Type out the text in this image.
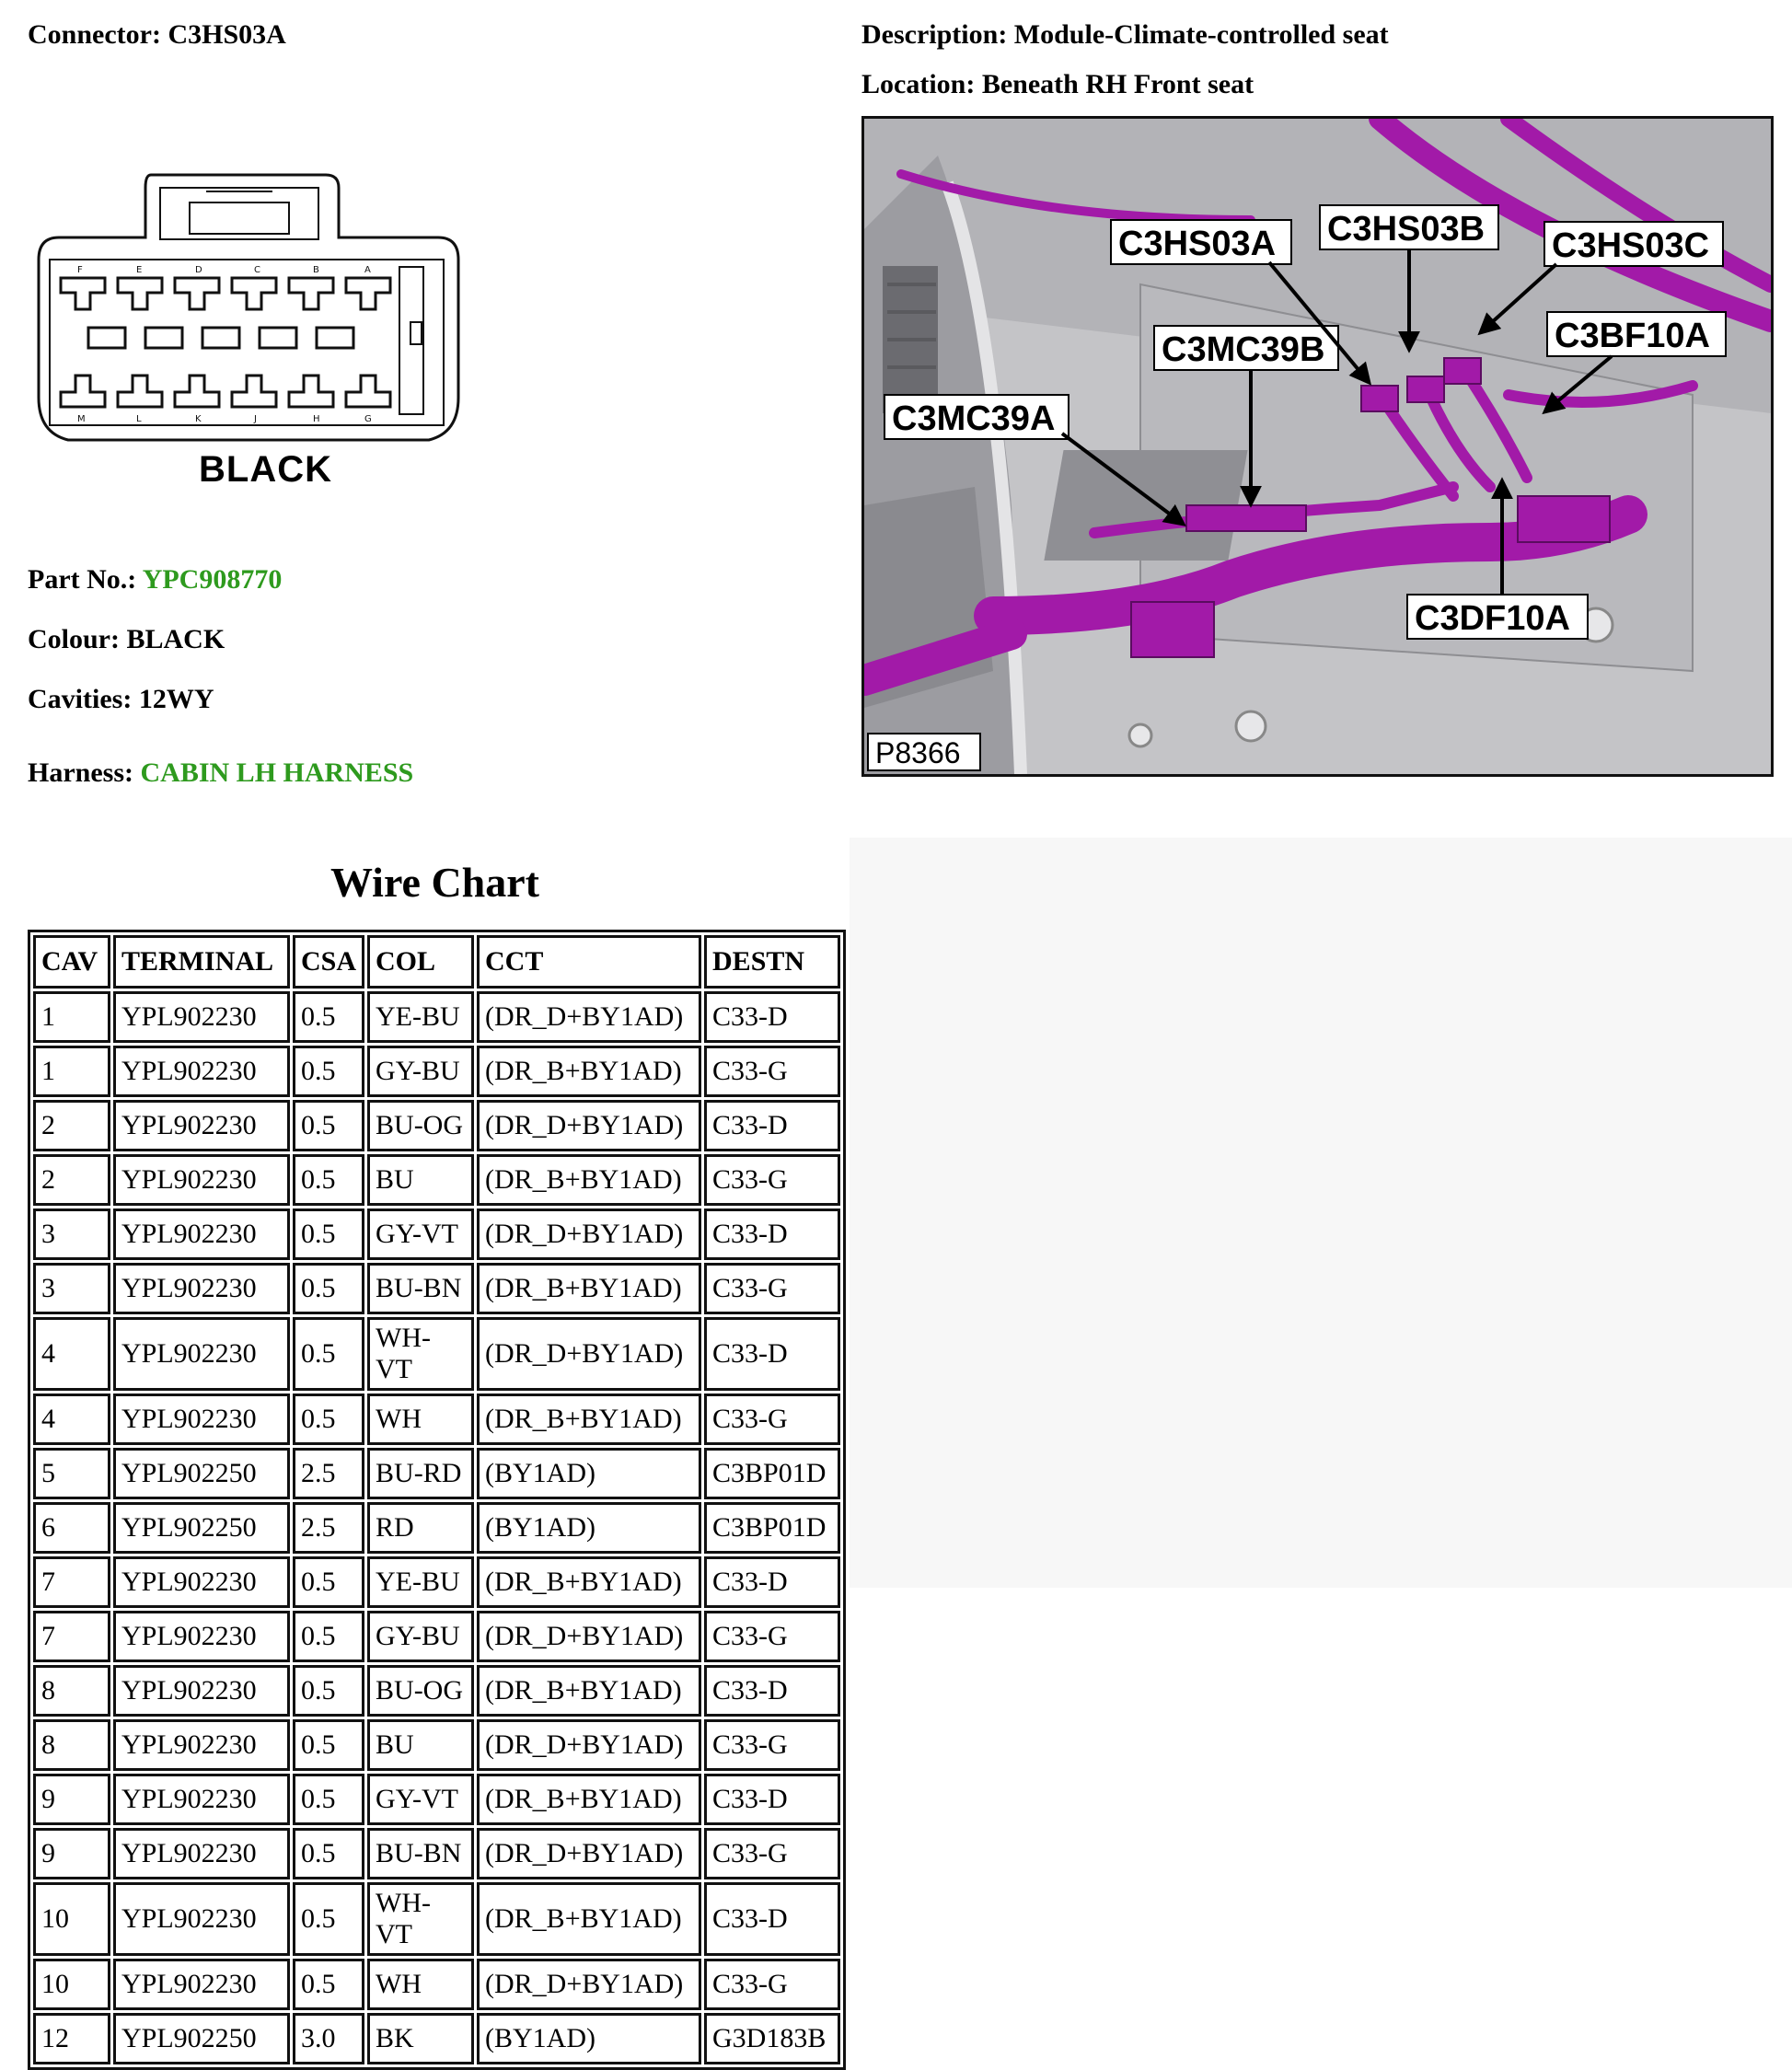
Connector: C3HS03A	Description: Module-Climate-controlled seat
Location: Beneath RH Front seat
F	E	D	C	B	A
M	L	K	J	H	G
BLACK
Part No.: YPC908770
Colour: BLACK
Cavities: 12WY
Harness: CABIN LH HARNESS
C3HS03A C3HS03B C3HS03C
C3MC39B	C3BF10A
C3MC39A
C3DF10A
P8366
Wire Chart
CAV	TERMINAL	CSA	COL	CCT	DESTN
1	YPL902230	0.5	YE-BU	(DR_D+BY1AD)	C33-D
1	YPL902230	0.5	GY-BU	(DR_B+BY1AD)	C33-G
2	YPL902230	0.5	BU-OG	(DR_D+BY1AD)	C33-D
2	YPL902230	0.5	BU	(DR_B+BY1AD)	C33-G
3	YPL902230	0.5	GY-VT	(DR_D+BY1AD)	C33-D
3	YPL902230	0.5	BU-BN	(DR_B+BY1AD)	C33-G
4	YPL902230	0.5	WH-VT	(DR_D+BY1AD)	C33-D
4	YPL902230	0.5	WH	(DR_B+BY1AD)	C33-G
5	YPL902250	2.5	BU-RD	(BY1AD)	C3BP01D
6	YPL902250	2.5	RD	(BY1AD)	C3BP01D
7	YPL902230	0.5	YE-BU	(DR_B+BY1AD)	C33-D
7	YPL902230	0.5	GY-BU	(DR_D+BY1AD)	C33-G
8	YPL902230	0.5	BU-OG	(DR_B+BY1AD)	C33-D
8	YPL902230	0.5	BU	(DR_D+BY1AD)	C33-G
9	YPL902230	0.5	GY-VT	(DR_B+BY1AD)	C33-D
9	YPL902230	0.5	BU-BN	(DR_D+BY1AD)	C33-G
10	YPL902230	0.5	WH-VT	(DR_B+BY1AD)	C33-D
10	YPL902230	0.5	WH	(DR_D+BY1AD)	C33-G
12	YPL902250	3.0	BK	(BY1AD)	G3D183B
